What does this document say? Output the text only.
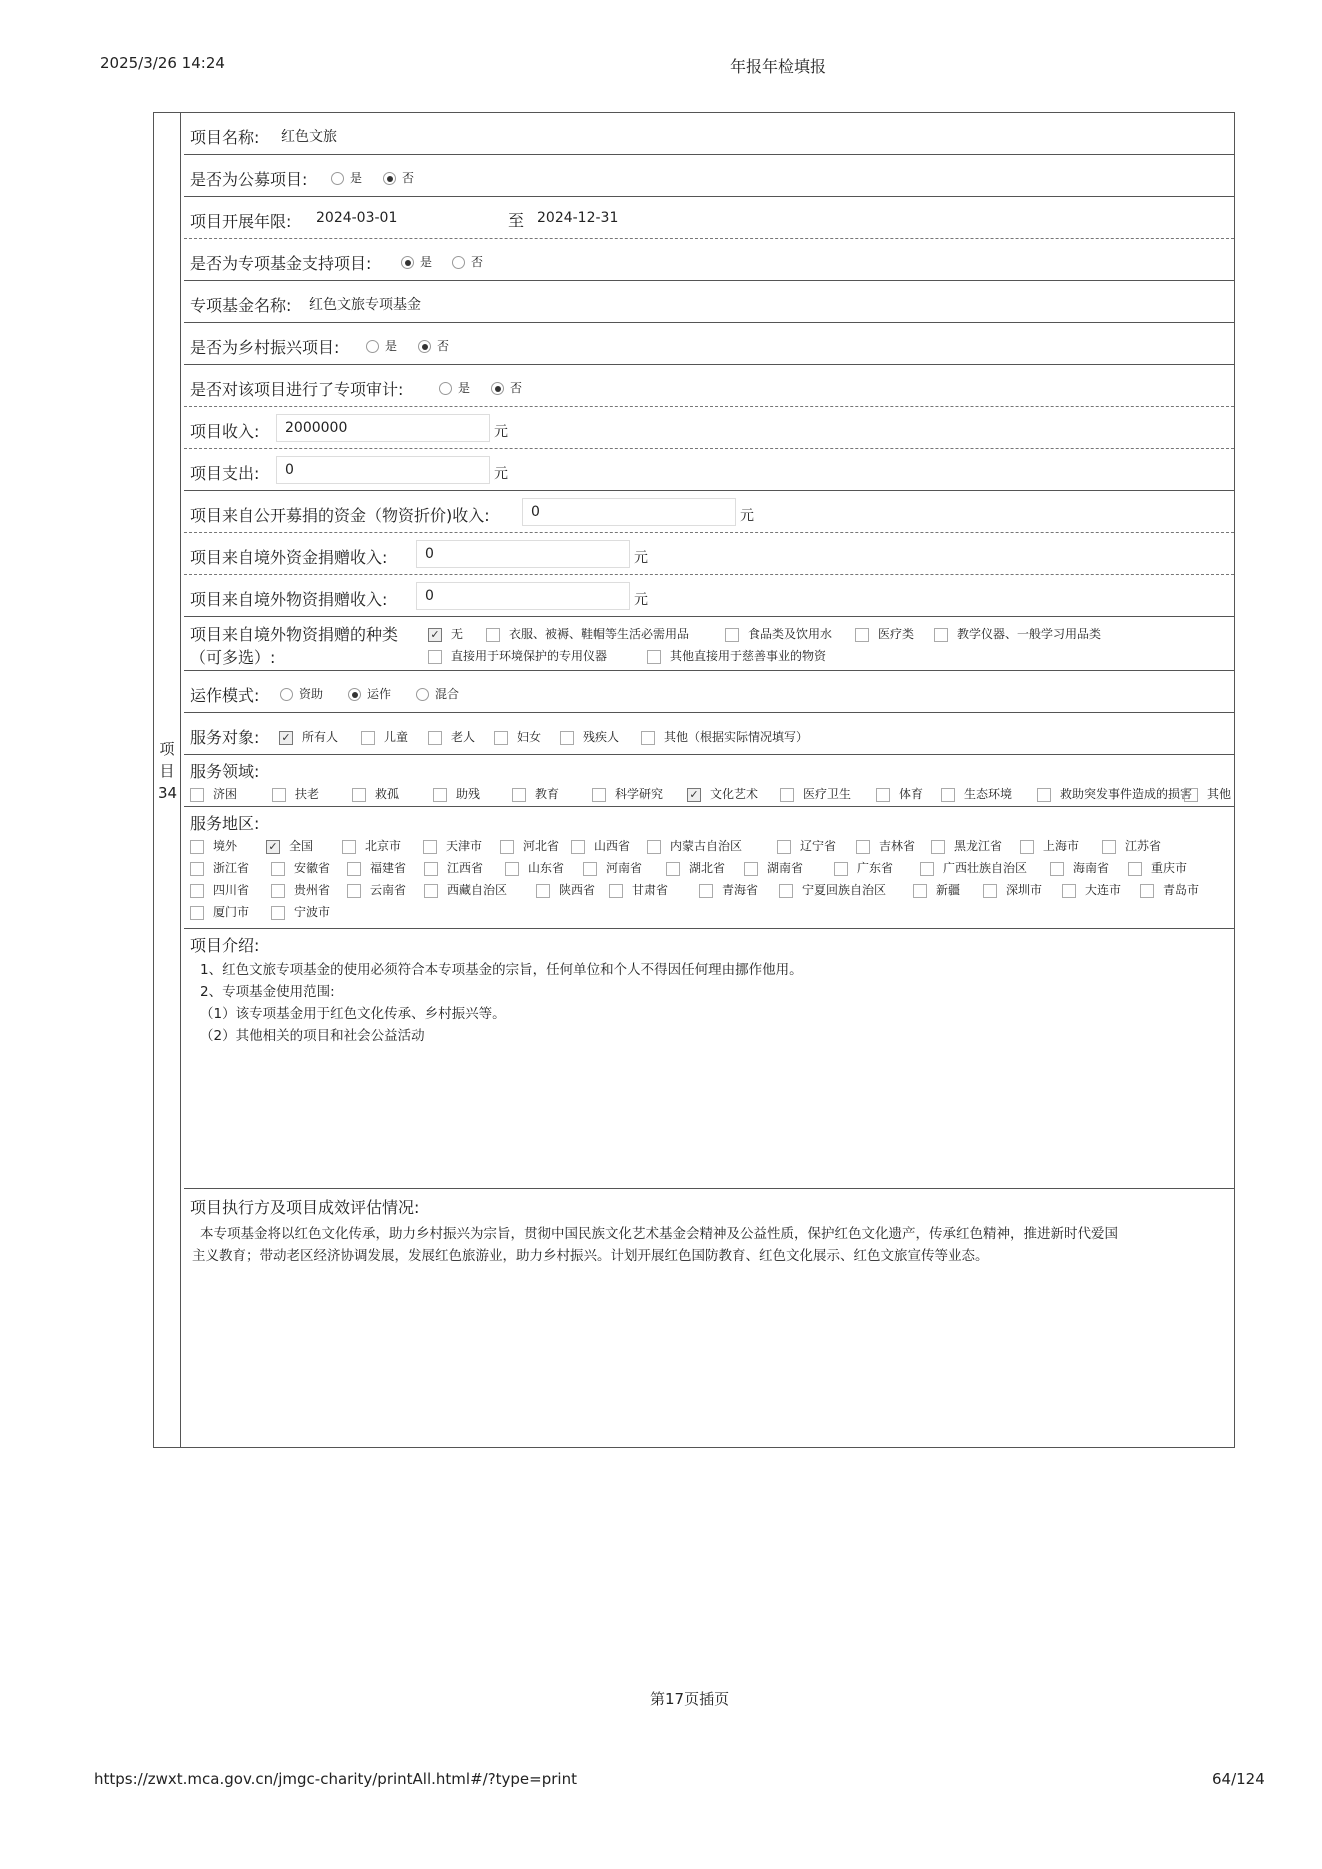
2025/3/26 14:24	年报年检填报
项
目
34
项目名称: 红色文旅
是否为公募项目:	是	否
项目开展年限: 2024-03-01	至 2024-12-31
是否为专项基金支持项目:	是	否
专项基金名称: 红色文旅专项基金
是否为乡村振兴项目:	是	否
是否对该项目进行了专项审计:	是	否
项目收入:	2000000	元
项目支出:	0	元
项目来自公开募捐的资金（物资折价)收入:	0	元
项目来自境外资金捐赠收入:	0	元
项目来自境外物资捐赠收入:	0	元
项目来自境外物资捐赠的种类
（可多选）:
✓ 无	衣服、被褥、鞋帽等生活必需用品	食品类及饮用水	医疗类	教学仪器、一般学习用品类
直接用于环境保护的专用仪器	其他直接用于慈善事业的物资
运作模式:	资助	运作	混合
服务对象: ✓ 所有人	儿童	老人	妇女	残疾人	其他（根据实际情况填写）
服务领域:
济困	扶老	救孤	助残	教育	科学研究 ✓ 文化艺术	医疗卫生	体育	生态环境	救助突发事件造成的损害	其他
服务地区:
境外	✓ 全国	北京市	天津市	河北省	山西省	内蒙古自治区	辽宁省	吉林省	黑龙江省	上海市	江苏省
浙江省	安徽省	福建省	江西省	山东省	河南省	湖北省	湖南省	广东省	广西壮族自治区	海南省	重庆市
四川省	贵州省	云南省	西藏自治区	陕西省	甘肃省	青海省	宁夏回族自治区	新疆	深圳市	大连市	青岛市
厦门市	宁波市
项目介绍:
1、红色文旅专项基金的使用必须符合本专项基金的宗旨，任何单位和个人不得因任何理由挪作他用。
2、专项基金使用范围:
（1）该专项基金用于红色文化传承、乡村振兴等。
（2）其他相关的项目和社会公益活动
项目执行方及项目成效评估情况:
本专项基金将以红色文化传承，助力乡村振兴为宗旨，贯彻中国民族文化艺术基金会精神及公益性质，保护红色文化遗产，传承红色精神，推进新时代爱国
主义教育；带动老区经济协调发展，发展红色旅游业，助力乡村振兴。计划开展红色国防教育、红色文化展示、红色文旅宣传等业态。
第17页插页
https://zwxt.mca.gov.cn/jmgc-charity/printAll.html#/?type=print	64/124
